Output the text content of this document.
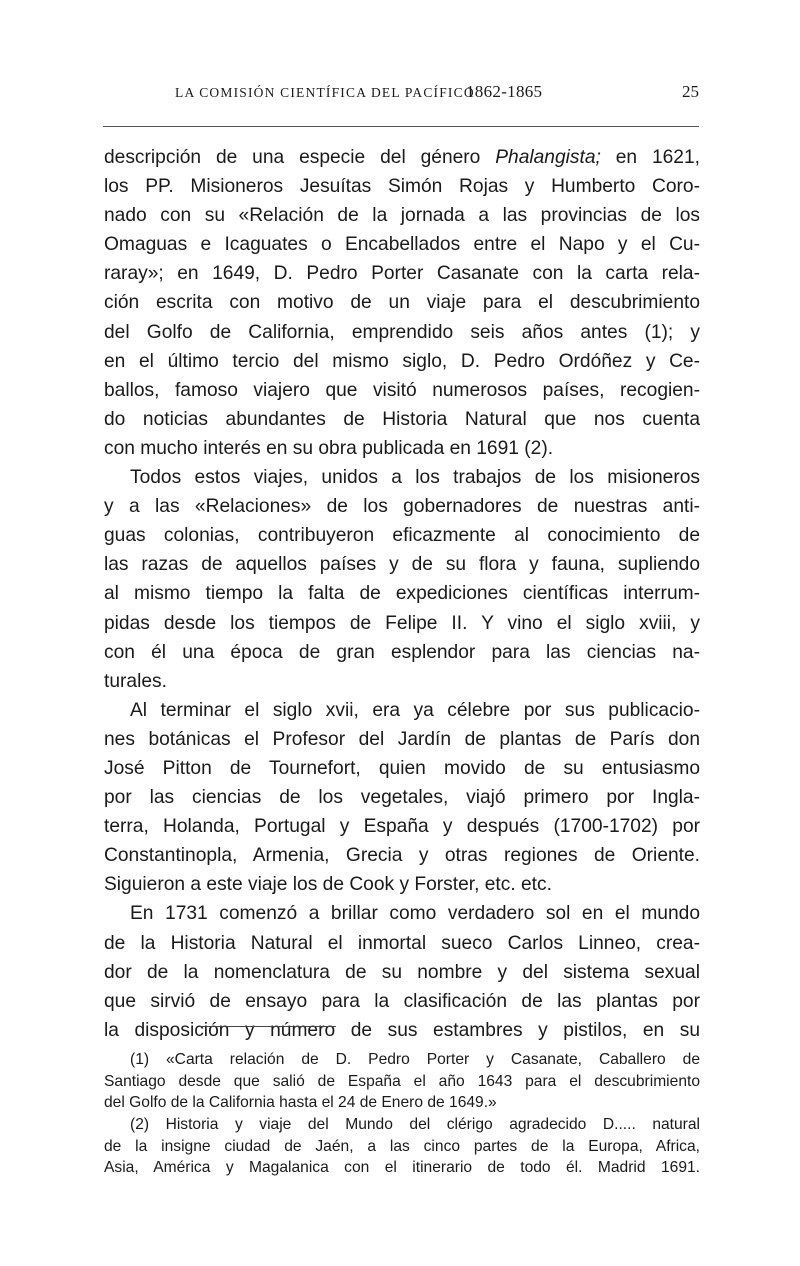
LA COMISIÓN CIENTÍFICA DEL PACÍFICO
1862-1865	25
descripción de una especie del género Phalangista; en 1621,
los PP. Misioneros Jesuítas Simón Rojas y Humberto Coro-
nado con su «Relación de la jornada a las provincias de los
Omaguas e Icaguates o Encabellados entre el Napo y el Cu-
raray»; en 1649, D. Pedro Porter Casanate con la carta rela-
ción escrita con motivo de un viaje para el descubrimiento
del Golfo de California, emprendido seis años antes (1); y
en el último tercio del mismo siglo, D. Pedro Ordóñez y Ce-
ballos, famoso viajero que visitó numerosos países, recogien-
do noticias abundantes de Historia Natural que nos cuenta
con mucho interés en su obra publicada en 1691 (2).
Todos estos viajes, unidos a los trabajos de los misioneros
y a las «Relaciones» de los gobernadores de nuestras anti-
guas colonias, contribuyeron eficazmente al conocimiento de
las razas de aquellos países y de su flora y fauna, supliendo
al mismo tiempo la falta de expediciones científicas interrum-
pidas desde los tiempos de Felipe II. Y vino el siglo xviii, y
con él una época de gran esplendor para las ciencias na-
turales.
Al terminar el siglo xvii, era ya célebre por sus publicacio-
nes botánicas el Profesor del Jardín de plantas de París don
José Pitton de Tournefort, quien movido de su entusiasmo
por las ciencias de los vegetales, viajó primero por Ingla-
terra, Holanda, Portugal y España y después (1700-1702) por
Constantinopla, Armenia, Grecia y otras regiones de Oriente.
Siguieron a este viaje los de Cook y Forster, etc. etc.
En 1731 comenzó a brillar como verdadero sol en el mundo
de la Historia Natural el inmortal sueco Carlos Linneo, crea-
dor de la nomenclatura de su nombre y del sistema sexual
que sirvió de ensayo para la clasificación de las plantas por
la disposición y número de sus estambres y pistilos, en su
(1) «Carta relación de D. Pedro Porter y Casanate, Caballero de
Santiago desde que salió de España el año 1643 para el descubrimiento
del Golfo de la California hasta el 24 de Enero de 1649.»
(2) Historia y viaje del Mundo del clérigo agradecido D..... natural
de la insigne ciudad de Jaén, a las cinco partes de la Europa, Africa,
Asia, América y Magalanica con el itinerario de todo él. Madrid 1691.
